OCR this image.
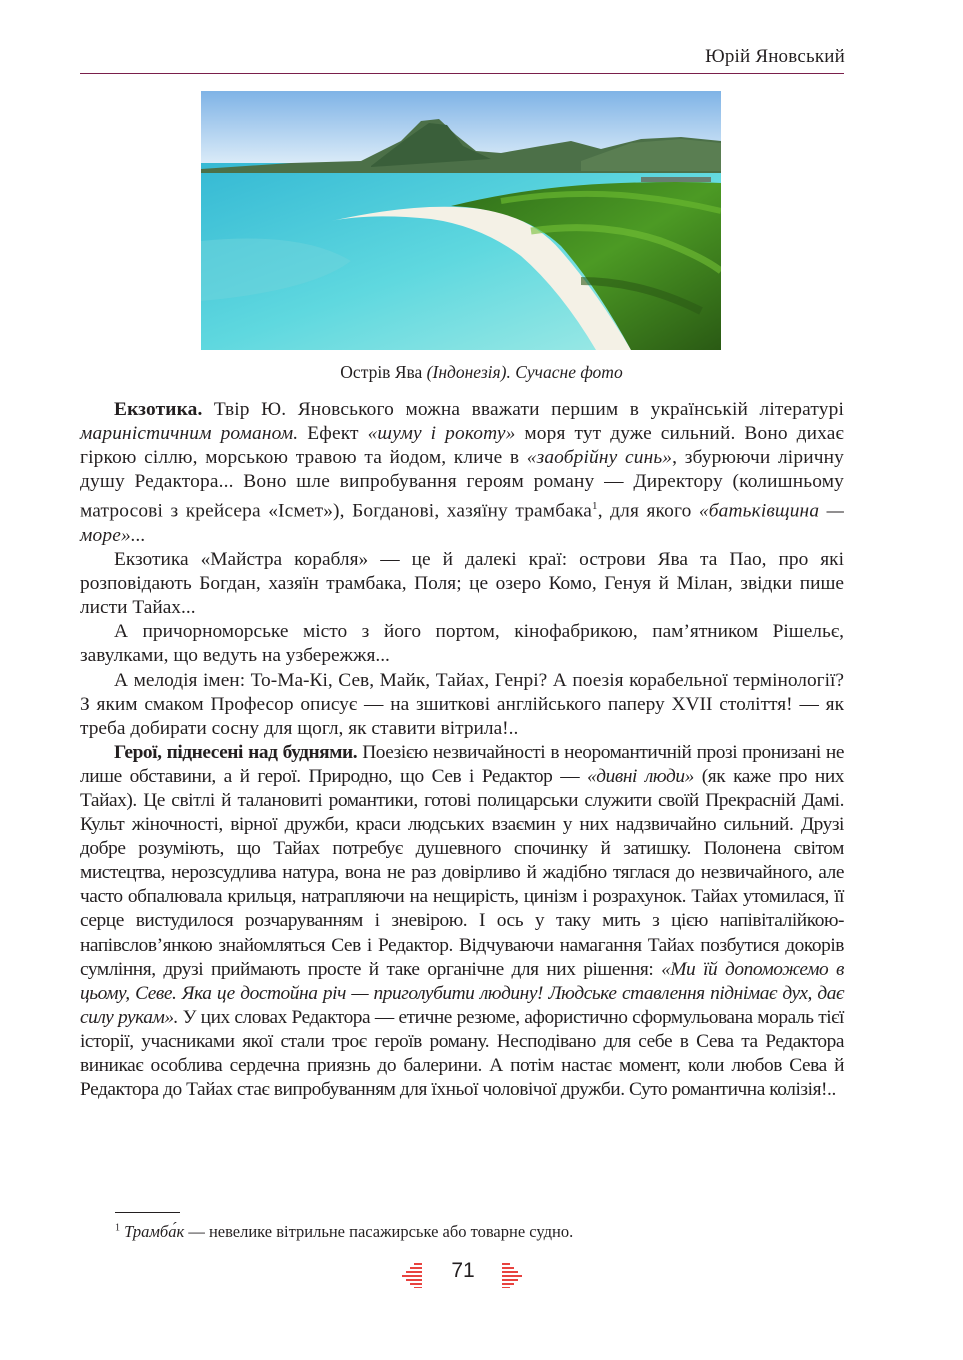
Юрій Яновський
Острів Ява (Індонезія). Сучасне фото

Екзотика. Твір Ю. Яновського можна вважати першим в українській літературі мариністичним романом. Ефект «шуму і рокоту» моря тут дуже сильний. Воно дихає гіркою сіллю, морською травою та йодом, кличе в «заобрійну синь», збурюючи ліричну душу Редактора... Воно шле випробування героям роману — Директору (колишньому матросові з крейсера «Ісмет»), Богданові, хазяїну трамбака$^1$, для якого «батьківщина — море»...

Екзотика «Майстра корабля» — це й далекі краї: острови Ява та Пао, про які розповідають Богдан, хазяїн трамбака, Поля; це озеро Комо, Генуя й Мілан, звідки пише листи Тайах...

А причорноморське місто з його портом, кінофабрикою, пам’ятником Рішельє, завулками, що ведуть на узбережжя...

А мелодія імен: То-Ма-Кі, Сев, Майк, Тайах, Генрі? А поезія корабельної термінології? З яким смаком Професор описує — на зшиткові англійського паперу XVII століття! — як треба добирати сосну для щогл, як ставити вітрила!..

Герої, піднесені над буднями. Поезією незвичайності в неоромантичній прозі пронизані не лише обставини, а й герої. Природно, що Сев і Редактор — «дивні люди» (як каже про них Тайах). Це світлі й талановиті романтики, готові полицарськи служити своїй Прекрасній Дамі. Культ жіночності, вірної дружби, краси людських взаємин у них надзвичайно сильний. Друзі добре розуміють, що Тайах потребує душевного спочинку й затишку. Полонена світом мистецтва, нерозсудлива натура, вона не раз довірливо й жадібно тяглася до незвичайного, але часто обпалювала крильця, натрапляючи на нещирість, цинізм і розрахунок. Тайах утомилася, її серце вистудилося розчаруванням і зневірою. І ось у таку мить з цією напівіталійкою-напівслов’янкою знайомляться Сев і Редактор. Відчуваючи намагання Тайах позбутися докорів сумління, друзі приймають просте й таке органічне для них рішення: «Ми їй допоможемо в цьому, Севе. Яка це достойна річ — приголубити людину! Людське ставлення піднімає дух, дає силу рукам». У цих словах Редактора — етичне резюме, афористично сформульована мораль тієї історії, учасниками якої стали троє героїв роману. Несподівано для себе в Сева та Редактора виникає особлива сердечна приязнь до балерини. А потім настає момент, коли любов Сева й Редактора до Тайах стає випробуванням для їхньої чоловічої дружби. Суто романтична колізія!..

$^1$ Трамба́к — невелике вітрильне пасажирське або товарне судно.
71
